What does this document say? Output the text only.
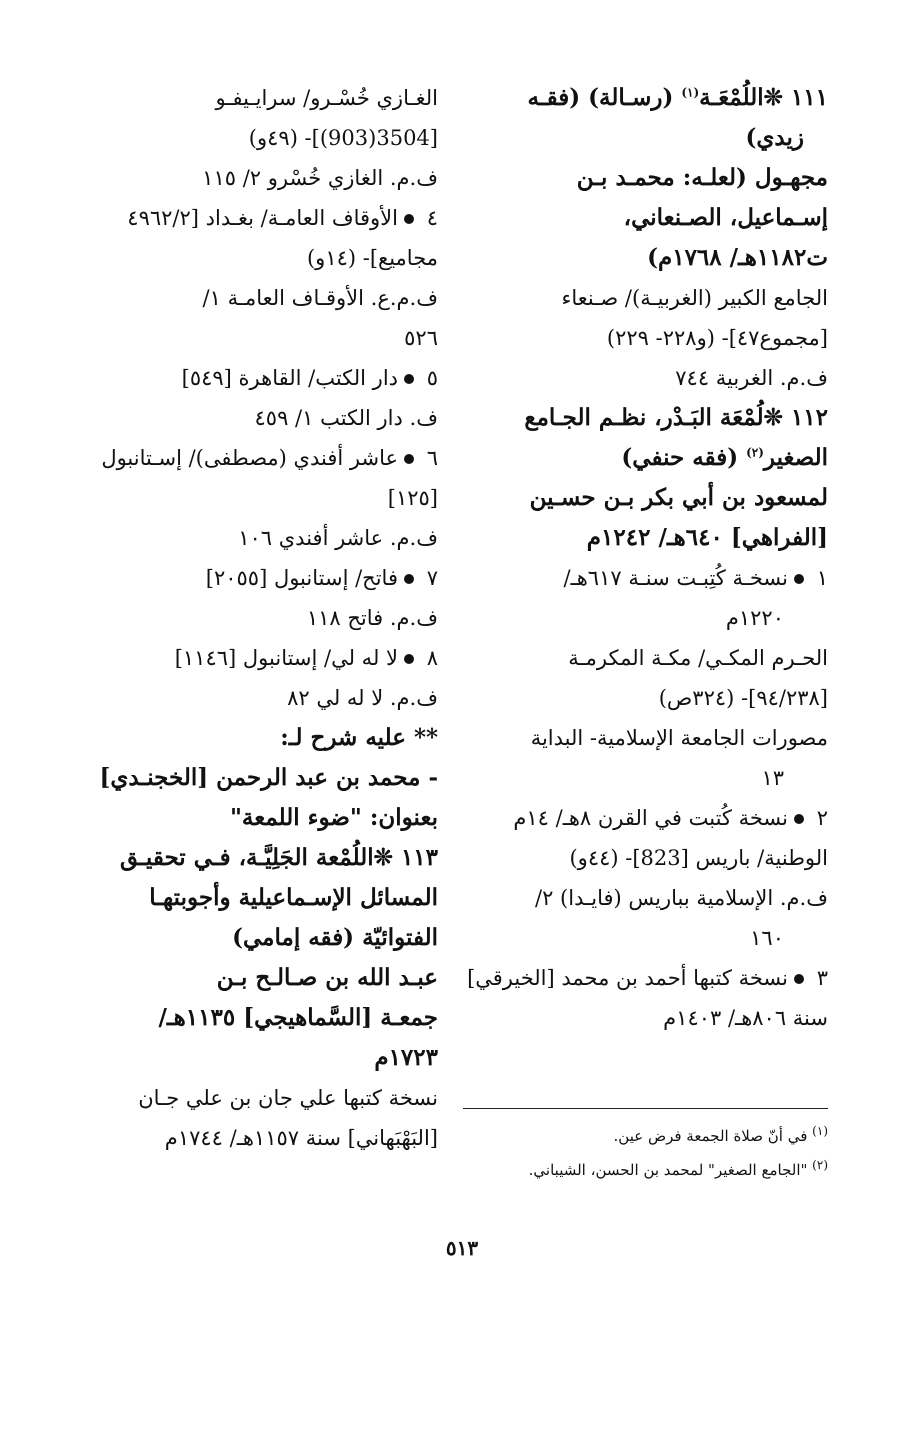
١١١ ❊اللُمْعَـة$^{(١)}$ (رسـالة) (فقـه
زيدي)
مجهـول (لعلـه: محمـد بـن
إسـماعيل، الصـنعاني،
ت١١٨٢هـ/ ١٧٦٨م)
الجامع الكبير (الغربيـة)/ صـنعاء
[مجموع٤٧]- (و٢٢٨- ٢٢٩)
ف.م. الغربية ٧٤٤
١١٢ ❊لُمْعَة البَـدْر، نظـم الجـامع
الصغير$^{(٢)}$ (فقه حنفي)
لمسعود بن أبي بكر بـن حسـين
[الفراهي] ٦٤٠هـ/ ١٢٤٢م
١نسخـة كُتِبـت سنـة ٦١٧هـ/
١٢٢٠م
الحـرم المكـي/ مكـة المكرمـة
[٩٤/٢٣٨]- (٣٢٤ص)
مصورات الجامعة الإسلامية- البداية
١٣
٢نسخة كُتبت في القرن ٨هـ/ ١٤م
الوطنية/ باريس [823]- (٤٤و)
ف.م. الإسلامية بباريس (فايـدا) ٢/
١٦٠
٣نسخة كتبها أحمد بن محمد [الخيرقي]
سنة ٨٠٦هـ/ ١٤٠٣م
الغـازي خُسْـرو/ سرايـيفـو
[3504(903)]- (٤٩و)
ف.م. الغازي خُسْرو ٢/ ١١٥
٤الأوقاف العامـة/ بغـداد [٤٩٦٢/٢
مجاميع]- (١٤و)
ف.م.ع. الأوقـاف العامـة ١/
٥٢٦
٥دار الكتب/ القاهرة [٥٤٩]
ف. دار الكتب ١/ ٤٥٩
٦عاشر أفندي (مصطفى)/ إسـتانبول
[١٢٥]
ف.م. عاشر أفندي ١٠٦
٧فاتح/ إستانبول [٢٠٥٥]
ف.م. فاتح ١١٨
٨لا له لي/ إستانبول [١١٤٦]
ف.م. لا له لي ٨٢
** عليه شرح لـ:
- محمد بن عبد الرحمن [الخجنـدي]
بعنوان: "ضوء اللمعة"
١١٣ ❊اللُمْعة الجَلِيَّـة، فـي تحقيـق
المسائل الإسـماعيلية وأجوبتهـا
الفتوائيّة (فقه إمامي)
عبـد الله بن صـالـح بـن
جمعـة [السَّماهيجي] ١١٣٥هـ/
١٧٢٣م
نسخة كتبها علي جان بن علي جـان
[البَهْبَهاني] سنة ١١٥٧هـ/ ١٧٤٤م	$^{(١)}$ في أنّ صلاة الجمعة فرض عين.
$^{(٢)}$ "الجامع الصغير" لمحمد بن الحسن، الشيباني.
٥١٣
